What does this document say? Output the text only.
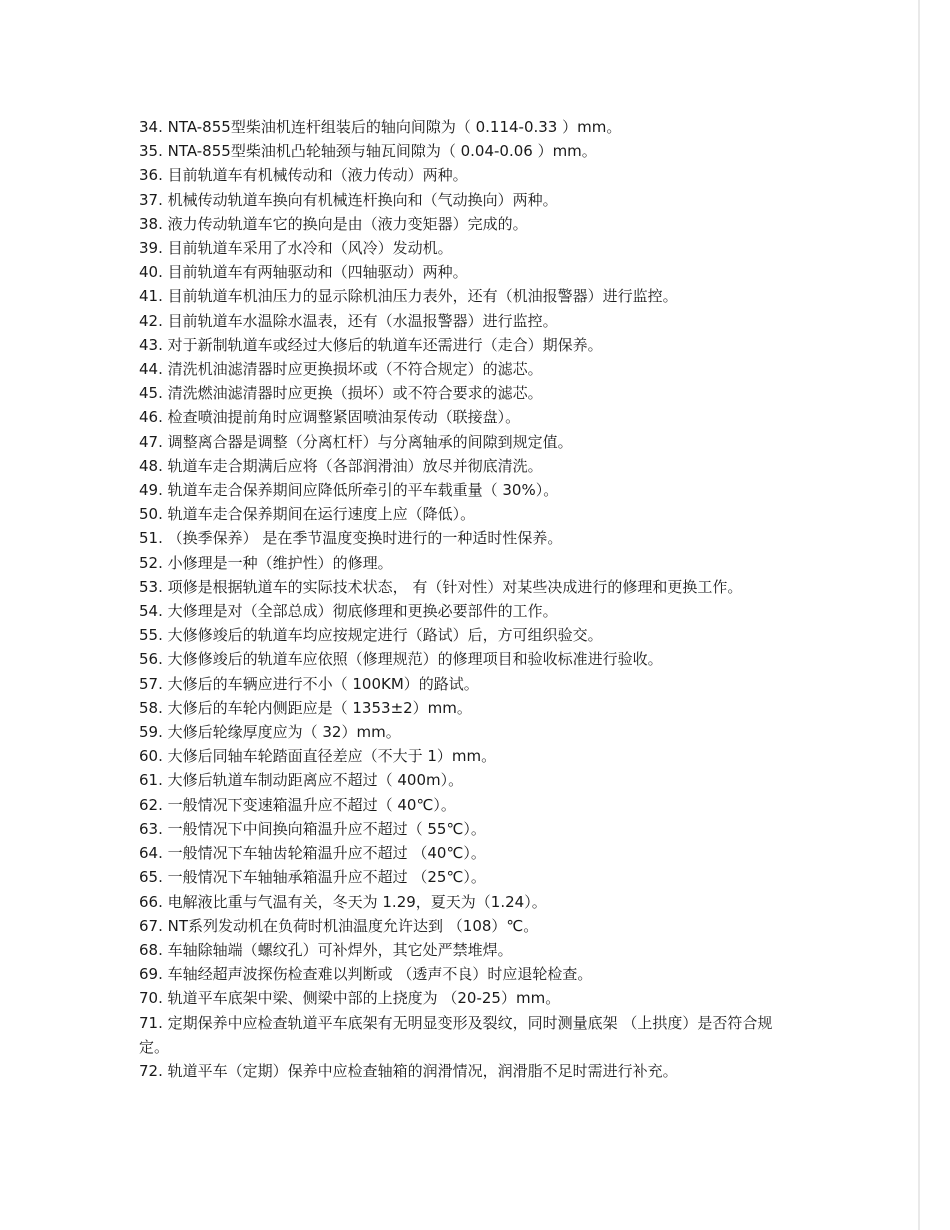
34. NTA-855型柴油机连杆组装后的轴向间隙为（ 0.114-0.33 ）mm。
35. NTA-855型柴油机凸轮轴颈与轴瓦间隙为（ 0.04-0.06 ）mm。
36. 目前轨道车有机械传动和（液力传动）两种。
37. 机械传动轨道车换向有机械连杆换向和（气动换向）两种。
38. 液力传动轨道车它的换向是由（液力变矩器）完成的。
39. 目前轨道车采用了水冷和（风冷）发动机。
40. 目前轨道车有两轴驱动和（四轴驱动）两种。
41. 目前轨道车机油压力的显示除机油压力表外，还有（机油报警器）进行监控。
42. 目前轨道车水温除水温表，还有（水温报警器）进行监控。
43. 对于新制轨道车或经过大修后的轨道车还需进行（走合）期保养。
44. 清洗机油滤清器时应更换损坏或（不符合规定）的滤芯。
45. 清洗燃油滤清器时应更换（损坏）或不符合要求的滤芯。
46. 检查喷油提前角时应调整紧固喷油泵传动（联接盘）。
47. 调整离合器是调整（分离杠杆）与分离轴承的间隙到规定值。
48. 轨道车走合期满后应将（各部润滑油）放尽并彻底清洗。
49. 轨道车走合保养期间应降低所牵引的平车载重量（ 30%）。
50. 轨道车走合保养期间在运行速度上应（降低）。
51. （换季保养） 是在季节温度变换时进行的一种适时性保养。
52. 小修理是一种（维护性）的修理。
53. 项修是根据轨道车的实际技术状态， 有（针对性）对某些决成进行的修理和更换工作。
54. 大修理是对（全部总成）彻底修理和更换必要部件的工作。
55. 大修修竣后的轨道车均应按规定进行（路试）后，方可组织验交。
56. 大修修竣后的轨道车应依照（修理规范）的修理项目和验收标准进行验收。
57. 大修后的车辆应进行不小（ 100KM）的路试。
58. 大修后的车轮内侧距应是（ 1353±2）mm。
59. 大修后轮缘厚度应为（ 32）mm。
60. 大修后同轴车轮踏面直径差应（不大于 1）mm。
61. 大修后轨道车制动距离应不超过（ 400m）。
62. 一般情况下变速箱温升应不超过（ 40℃）。
63. 一般情况下中间换向箱温升应不超过（ 55℃）。
64. 一般情况下车轴齿轮箱温升应不超过 （40℃）。
65. 一般情况下车轴轴承箱温升应不超过 （25℃）。
66. 电解液比重与气温有关，冬天为 1.29，夏天为（1.24）。
67. NT系列发动机在负荷时机油温度允许达到 （108）℃。
68. 车轴除轴端（螺纹孔）可补焊外，其它处严禁堆焊。
69. 车轴经超声波探伤检查难以判断或 （透声不良）时应退轮检查。
70. 轨道平车底架中梁、侧梁中部的上挠度为 （20-25）mm。
71. 定期保养中应检查轨道平车底架有无明显变形及裂纹，同时测量底架 （上拱度）是否符合规定。
72. 轨道平车（定期）保养中应检查轴箱的润滑情况，润滑脂不足时需进行补充。
